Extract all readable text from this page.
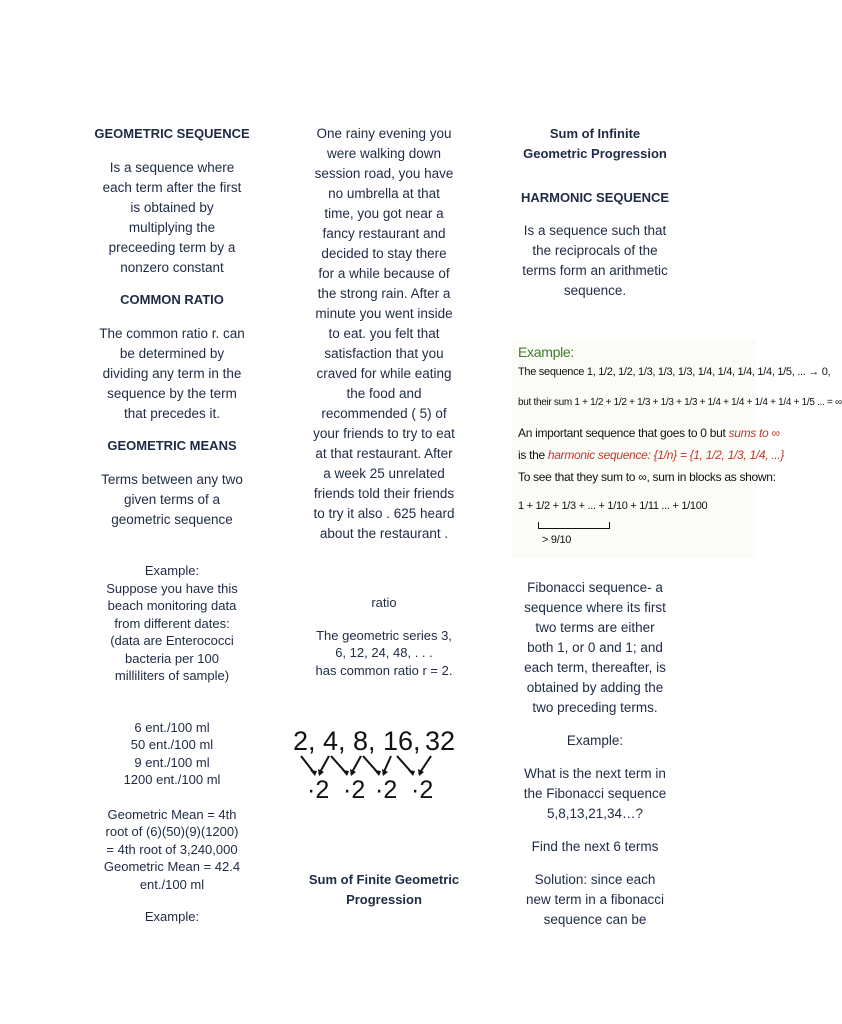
GEOMETRIC SEQUENCE

Is a sequence where
each term after the first
is obtained by
multiplying the
preceeding term by a
nonzero constant

COMMON RATIO

The common ratio r. can
be determined by
dividing any term in the
sequence by the term
that precedes it.

GEOMETRIC MEANS

Terms between any two
given terms of a
geometric sequence

Example:

Suppose you have this
beach monitoring data
from different dates:
(data are Enterococci
bacteria per 100
milliliters of sample)

6 ent./100 ml
50 ent./100 ml
9 ent./100 ml
1200 ent./100 ml

Geometric Mean = 4th
root of (6)(50)(9)(1200)
= 4th root of 3,240,000
Geometric Mean = 42.4
ent./100 ml

Example:

One rainy evening you
were walking down
session road, you have
no umbrella at that
time, you got near a
fancy restaurant and
decided to stay there
for a while because of
the strong rain. After a
minute you went inside
to eat. you felt that
satisfaction that you
craved for while eating
the food and
recommended ( 5) of
your friends to try to eat
at that restaurant. After
a week 25 unrelated
friends told their friends
to try it also . 625 heard
about the restaurant .

ratio

The geometric series 3,
6, 12, 24, 48, . . .
has common ratio r = 2.

2, 4, 8, 16, 32
·2 ·2 ·2 ·2

Sum of Finite Geometric
Progression

Sum of Infinite
Geometric Progression

HARMONIC SEQUENCE

Is a sequence such that
the reciprocals of the
terms form an arithmetic
sequence.

Example:
The sequence 1, 1/2, 1/2, 1/3, 1/3, 1/3, 1/4, 1/4, 1/4, 1/4, 1/5, ... → 0,
but their sum 1 + 1/2 + 1/2 + 1/3 + 1/3 + 1/3 + 1/4 + 1/4 + 1/4 + 1/4 + 1/5 ... = ∞
An important sequence that goes to 0 but sums to ∞
is the harmonic sequence: {1/n} = {1, 1/2, 1/3, 1/4, ...}
To see that they sum to ∞, sum in blocks as shown:
1 + 1/2 + 1/3 + ... + 1/10 + 1/11 ... + 1/100
> 9/10

Fibonacci sequence- a
sequence where its first
two terms are either
both 1, or 0 and 1; and
each term, thereafter, is
obtained by adding the
two preceding terms.

Example:

What is the next term in
the Fibonacci sequence
5,8,13,21,34…?

Find the next 6 terms

Solution: since each
new term in a fibonacci
sequence can be
